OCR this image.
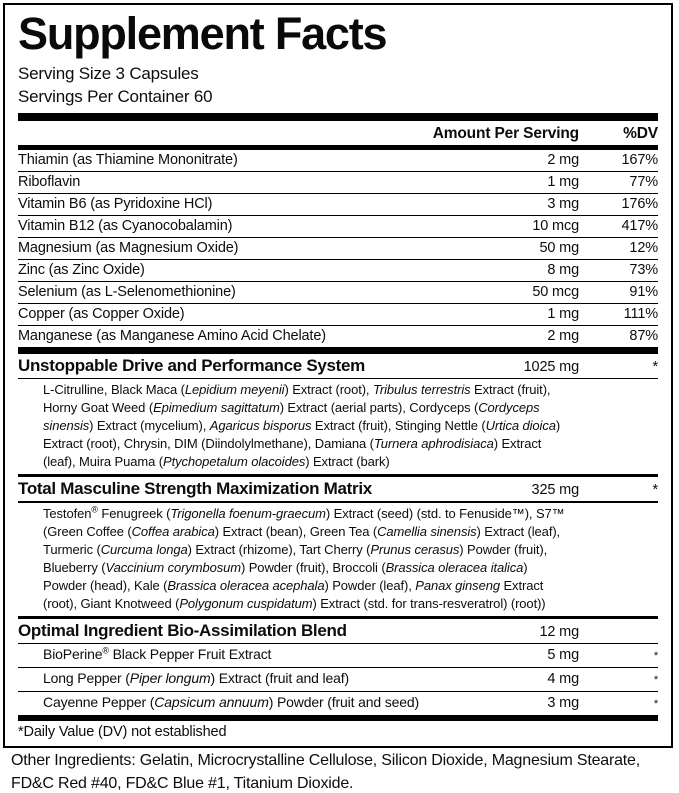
Supplement Facts
Serving Size 3 Capsules
Servings Per Container 60
Amount Per Serving	%DV
Thiamin (as Thiamine Mononitrate)	2 mg	167%
Riboflavin	1 mg	77%
Vitamin B6 (as Pyridoxine HCl)	3 mg	176%
Vitamin B12 (as Cyanocobalamin)	10 mcg	417%
Magnesium (as Magnesium Oxide)	50 mg	12%
Zinc (as Zinc Oxide)	8 mg	73%
Selenium (as L-Selenomethionine)	50 mcg	91%
Copper (as Copper Oxide)	1 mg	111%
Manganese (as Manganese Amino Acid Chelate)	2 mg	87%
Unstoppable Drive and Performance System	1025 mg	*
L-Citrulline, Black Maca (Lepidium meyenii) Extract (root), Tribulus terrestris Extract (fruit), Horny Goat Weed (Epimedium sagittatum) Extract (aerial parts), Cordyceps (Cordyceps sinensis) Extract (mycelium), Agaricus bisporus Extract (fruit), Stinging Nettle (Urtica dioica) Extract (root), Chrysin, DIM (Diindolylmethane), Damiana (Turnera aphrodisiaca) Extract (leaf), Muira Puama (Ptychopetalum olacoides) Extract (bark)
Total Masculine Strength Maximization Matrix	325 mg	*
Testofen® Fenugreek (Trigonella foenum-graecum) Extract (seed) (std. to Fenuside™), S7™ (Green Coffee (Coffea arabica) Extract (bean), Green Tea (Camellia sinensis) Extract (leaf), Turmeric (Curcuma longa) Extract (rhizome), Tart Cherry (Prunus cerasus) Powder (fruit), Blueberry (Vaccinium corymbosum) Powder (fruit), Broccoli (Brassica oleracea italica) Powder (head), Kale (Brassica oleracea acephala) Powder (leaf), Panax ginseng Extract (root), Giant Knotweed (Polygonum cuspidatum) Extract (std. for trans-resveratrol) (root))
Optimal Ingredient Bio-Assimilation Blend	12 mg
BioPerine® Black Pepper Fruit Extract	5 mg	*
Long Pepper (Piper longum) Extract (fruit and leaf)	4 mg	*
Cayenne Pepper (Capsicum annuum) Powder (fruit and seed)	3 mg	*
*Daily Value (DV) not established
Other Ingredients: Gelatin, Microcrystalline Cellulose, Silicon Dioxide, Magnesium Stearate, FD&C Red #40, FD&C Blue #1, Titanium Dioxide.
